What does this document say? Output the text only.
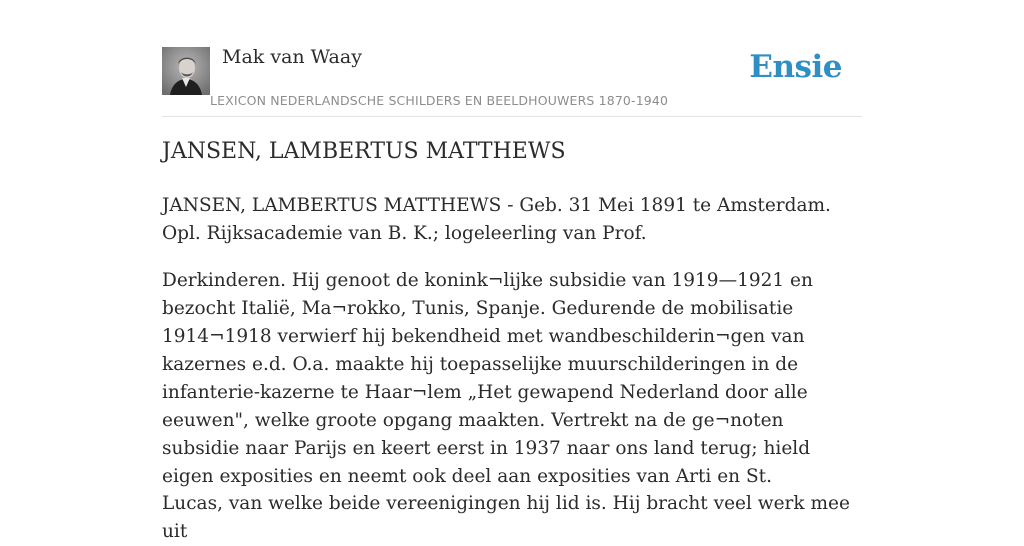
Mak van Waay
LEXICON NEDERLANDSCHE SCHILDERS EN BEELDHOUWERS 1870-1940
Ensie
JANSEN, LAMBERTUS MATTHEWS

JANSEN, LAMBERTUS MATTHEWS - Geb. 31 Mei 1891 te Amsterdam. Opl. Rijksacademie van B. K.; logeleerling van Prof.

Derkinderen. Hij genoot de konink¬lijke subsidie van 1919—1921 en bezocht Italië, Ma¬rokko, Tunis, Spanje. Gedurende de mobilisatie 1914¬1918 verwierf hij bekendheid met wandbeschilderin¬gen van kazernes e.d. O.a. maakte hij toepasselijke muurschilderingen in de infanterie-kazerne te Haar¬lem „Het gewapend Nederland door alle eeuwen", welke groote opgang maakten. Vertrekt na de ge¬noten subsidie naar Parijs en keert eerst in 1937 naar ons land terug; hield eigen exposities en neemt ook deel aan exposities van Arti en St.

Lucas, van welke beide vereenigingen hij lid is. Hij bracht veel werk mee uit
